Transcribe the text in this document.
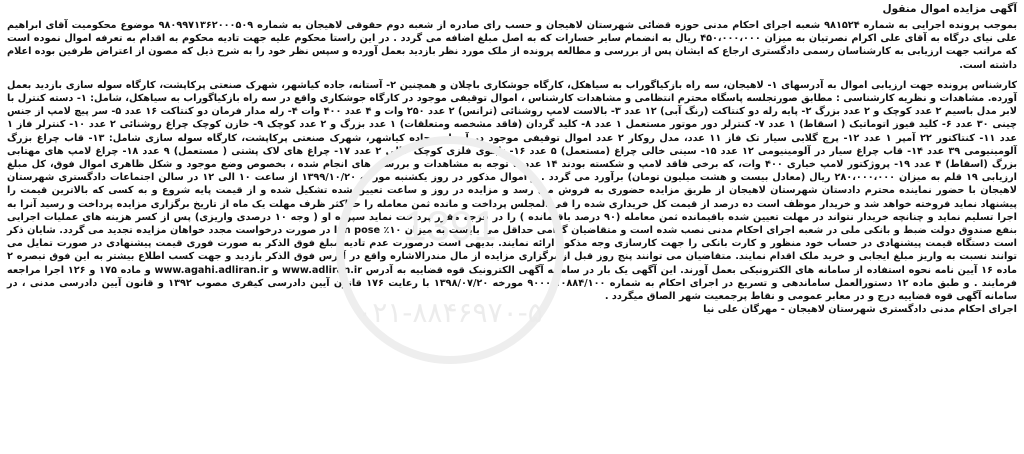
آگهی مزایده اموال منقول

بموجب پرونده اجرایی به شماره ۹۸۱۵۲۴ شعبه اجرای احکام مدنی حوزه قضائی شهرستان لاهیجان و حسب رای صادره از شعبه دوم حقوقی لاهیجان به شماره ۹۸۰۹۹۷۱۳۶۲۰۰۰۵۰۹ موضوع محکومیت آقای ابراهیم علی نیای درگاه به آقای علی اکرام نصرتیان به میزان ۴۵۰،۰۰۰،۰۰۰ ریال به انضمام سایر خسارات که به اصل مبلغ اضافه می گردد . در این راستا محکوم علیه جهت تادیه محکوم به اقدام به تعرفه اموال نموده است که مراتب جهت ارزیابی به کارشناسان رسمی دادگستری ارجاع که ایشان پس از بررسی و مطالعه پرونده از ملک مورد نظر بازدید بعمل آورده و سپس نظر خود را به شرح ذیل که مصون از اعتراض طرفین بوده اعلام داشته است.

کارشناس پرونده جهت ارزیابی اموال به آدرسهای ۱- لاهیجان، سه راه بازکیاگوراب به سیاهکل، کارگاه جوشکاری باچلان و همچنین ۲- آستانه، جاده کیاشهر، شهرک صنعتی پرکاپشت، کارگاه سوله سازی بازدید بعمل آورده. مشاهدات و نظریه کارشناسی : مطابق صورتجلسه پاسگاه محترم انتظامی و مشاهدات کارشناس ، اموال توقیفی موجود در کارگاه جوشکاری واقع در سه راه بازکیاگوراب به سیاهکل، شامل: ۱- دسته کنترل با لابر مدل باسیم ۲ عدد کوچک و ۲ عدد بزرگ ۲- پایه رله دو کنتاکت (رنگ آبی) ۱۲ عدد ۳- بالاست لامپ روشنائی (ترانس) ۲ عدد ۲۵۰ وات و ۴ عدد ۴۰۰ وات ۴- رله مدار فرمان دو کنتاکت ۱۶ عدد ۵- سر پیچ لامپ از جنس چینی ۳۰ عدد ۶- کلید فیوز اتوماتیک ( اسقاط) ۱ عدد ۷- کنترلر دور موتور مستعمل ۱ عدد ۸- کلید گردان (فاقد مشخصه ومتعلقات) ۱ عدد بزرگ و ۲ عدد کوچک ۹- خازن کوچک چراغ روشنائی ۲ عدد ۱۰- کنترلر فاز ۱ عدد ۱۱- کنتاکتور ۲۲ آمپر ۱ عدد ۱۲- پرچ گلابی سیار تک فاز ۱۱ عدد، مدل روکار ۲ عدد اموال توقیفی موجود در آستانه، جاده کیاشهر، شهرک صنعتی پرکاپشت، کارگاه سوله سازی شامل: ۱۳- قاب چراغ بزرگ آلومینیومی ۳۹ عدد ۱۴- قاب چراغ سیار در آلومینیومی ۱۲ عدد ۱۵- سینی خالی چراغ (مستعمل) ۵ عدد ۱۶- تابلوی فلزی کوچک خالی ۲ عدد ۱۷- چراغ های لاک پشتی ( مستعمل) ۹ عدد ۱۸- چراغ لامپ های مهتابی بزرگ (اسقاط) ۴ عدد ۱۹- پروژکتور لامپ خیاری ۴۰۰ وات، که برخی فاقد لامپ و شکسته بودند ۱۴ عدد با توجه به مشاهدات و بررسی های انجام شده ، بخصوص وضع موجود و شکل ظاهری اموال فوق، کل مبلغ ارزیابی ۱۹ قلم به میزان ۲۸۰،۰۰۰،۰۰۰ ریال (معادل بیست و هشت میلیون تومان) برآورد می گردد . و اموال مذکور در روز یکشنبه مورخه ۱۳۹۹/۱۰/۲۰ از ساعت ۱۰ الی ۱۲ در سالن اجتماعات دادگستری شهرستان لاهیجان با حضور نماینده محترم دادستان شهرستان لاهیجان از طریق مزایده حضوری به فروش می رسد و مزایده در روز و ساعت تعیین شده تشکیل شده و از قیمت پایه شروع و به کسی که بالاترین قیمت را پیشنهاد نماید فروخته خواهد شد و خریدار موظف است ده درصد از قیمت کل خریداری شده را فی المجلس پرداخت و مانده ثمن معامله را حداکثر ظرف مهلت یک ماه از تاریخ برگزاری مزایده پرداخت و رسید آنرا به اجرا تسلیم نماید و چنانچه خریدار نتواند در مهلت تعیین شده باقیمانده ثمن معامله (۹۰ درصد باقیمانده ) را در فرجه مقرر پرداخت نماید سپرده او ( وجه ۱۰ درصدی واریزی) پس از کسر هزینه های عملیات اجرایی بنفع صندوق دولت ضبط و بانکی ملی در شعبه اجرای احکام مدنی نصب شده است و متقاضیان گرامی حداقل می بایست به میزان ۱۰٪ lan pose در صورت درخواست مجدد خواهان مزایده تجدید می گردد. شایان ذکر است دستگاه قیمت پیشنهادی در حساب خود منظور و کارت بانکی را جهت کارسازی وجه مذکور ارائه نمایند. بدیهی است درصورت عدم تادیه مبلغ فوق الذکر به صورت فوری قیمت پیشنهادی در صورت تمایل می توانند نسبت به واریز مبلغ ایجابی و خرید ملک اقدام نمایند. متقاضیان می توانند پنج روز قبل از برگزاری مزایده از مال مندرالاشاره واقع در آدرس فوق الذکر بازدید و جهت کسب اطلاع بیشتر به این فوق تبصره ۲ ماده ۱۶ آیین نامه نحوه استفاده از سامانه های الکترونیکی بعمل آورند. این آگهی یک بار در سامانه آگهی الکترونیک قوه قضاییه به آدرس www.adliran.ir و www.agahi.adliran.ir و ماده ۱۷۵ و ۱۲۶ اجرا مراجعه فرمایند . و طبق ماده ۱۲ دستورالعمل ساماندهی و تسریع در اجرای احکام به شماره ۹۰۰۰/۱۰۸۸۴/۱۰۰ مورخه ۱۳۹۸/۰۷/۲۰ با رعایت ۱۷۶ قانون آیین دادرسی کیفری مصوب ۱۳۹۲ و قانون آیین دادرسی مدنی ، در سامانه آگهی قوه قضاییه درج و در معابر عمومی و نقاط پرجمعیت شهر الصاق میگردد .

اجرای احکام مدنی دادگستری شهرستان لاهیجان - مهرگان علی نیا

1391
۰۲۱-۸۸۴۶۹۷۰-۵
